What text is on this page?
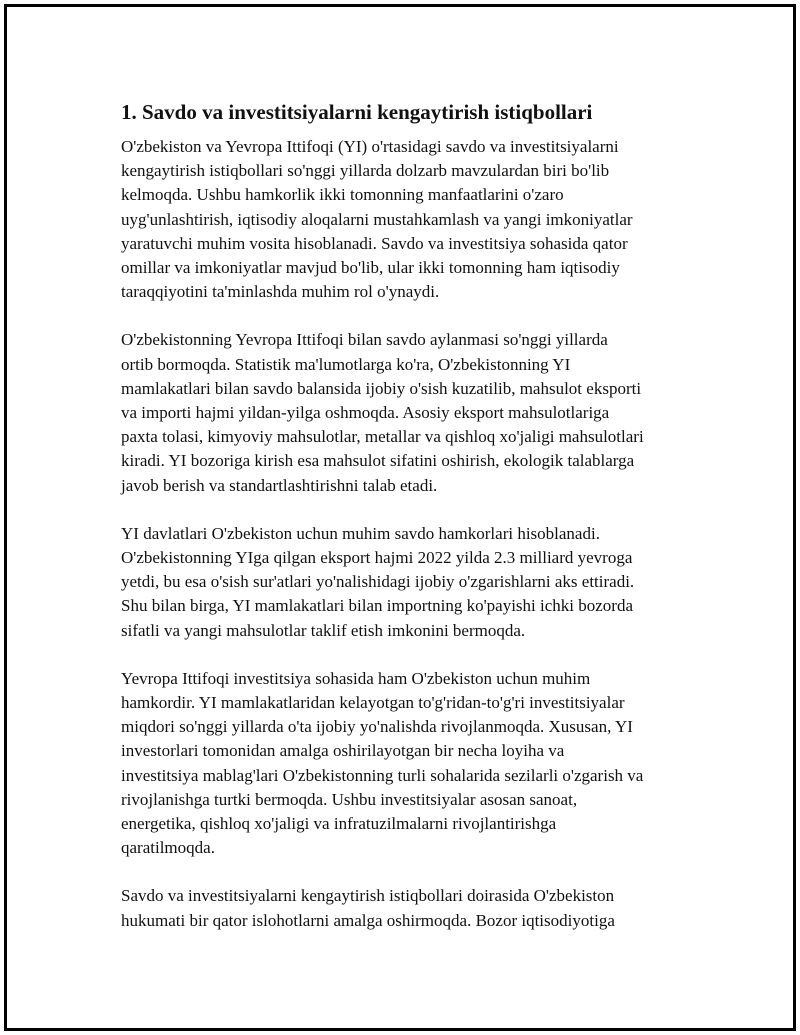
1. Savdo va investitsiyalarni kengaytirish istiqbollari

O'zbekiston va Yevropa Ittifoqi (YI) o'rtasidagi savdo va investitsiyalarni
kengaytirish istiqbollari so'nggi yillarda dolzarb mavzulardan biri bo'lib
kelmoqda. Ushbu hamkorlik ikki tomonning manfaatlarini o'zaro
uyg'unlashtirish, iqtisodiy aloqalarni mustahkamlash va yangi imkoniyatlar
yaratuvchi muhim vosita hisoblanadi. Savdo va investitsiya sohasida qator
omillar va imkoniyatlar mavjud bo'lib, ular ikki tomonning ham iqtisodiy
taraqqiyotini ta'minlashda muhim rol o'ynaydi.

O'zbekistonning Yevropa Ittifoqi bilan savdo aylanmasi so'nggi yillarda
ortib bormoqda. Statistik ma'lumotlarga ko'ra, O'zbekistonning YI
mamlakatlari bilan savdo balansida ijobiy o'sish kuzatilib, mahsulot eksporti
va importi hajmi yildan-yilga oshmoqda. Asosiy eksport mahsulotlariga
paxta tolasi, kimyoviy mahsulotlar, metallar va qishloq xo'jaligi mahsulotlari
kiradi. YI bozoriga kirish esa mahsulot sifatini oshirish, ekologik talablarga
javob berish va standartlashtirishni talab etadi.

YI davlatlari O'zbekiston uchun muhim savdo hamkorlari hisoblanadi.
O'zbekistonning YIga qilgan eksport hajmi 2022 yilda 2.3 milliard yevroga
yetdi, bu esa o'sish sur'atlari yo'nalishidagi ijobiy o'zgarishlarni aks ettiradi.
Shu bilan birga, YI mamlakatlari bilan importning ko'payishi ichki bozorda
sifatli va yangi mahsulotlar taklif etish imkonini bermoqda.

Yevropa Ittifoqi investitsiya sohasida ham O'zbekiston uchun muhim
hamkordir. YI mamlakatlaridan kelayotgan to'g'ridan-to'g'ri investitsiyalar
miqdori so'nggi yillarda o'ta ijobiy yo'nalishda rivojlanmoqda. Xususan, YI
investorlari tomonidan amalga oshirilayotgan bir necha loyiha va
investitsiya mablag'lari O'zbekistonning turli sohalarida sezilarli o'zgarish va
rivojlanishga turtki bermoqda. Ushbu investitsiyalar asosan sanoat,
energetika, qishloq xo'jaligi va infratuzilmalarni rivojlantirishga
qaratilmoqda.

Savdo va investitsiyalarni kengaytirish istiqbollari doirasida O'zbekiston
hukumati bir qator islohotlarni amalga oshirmoqda. Bozor iqtisodiyotiga
